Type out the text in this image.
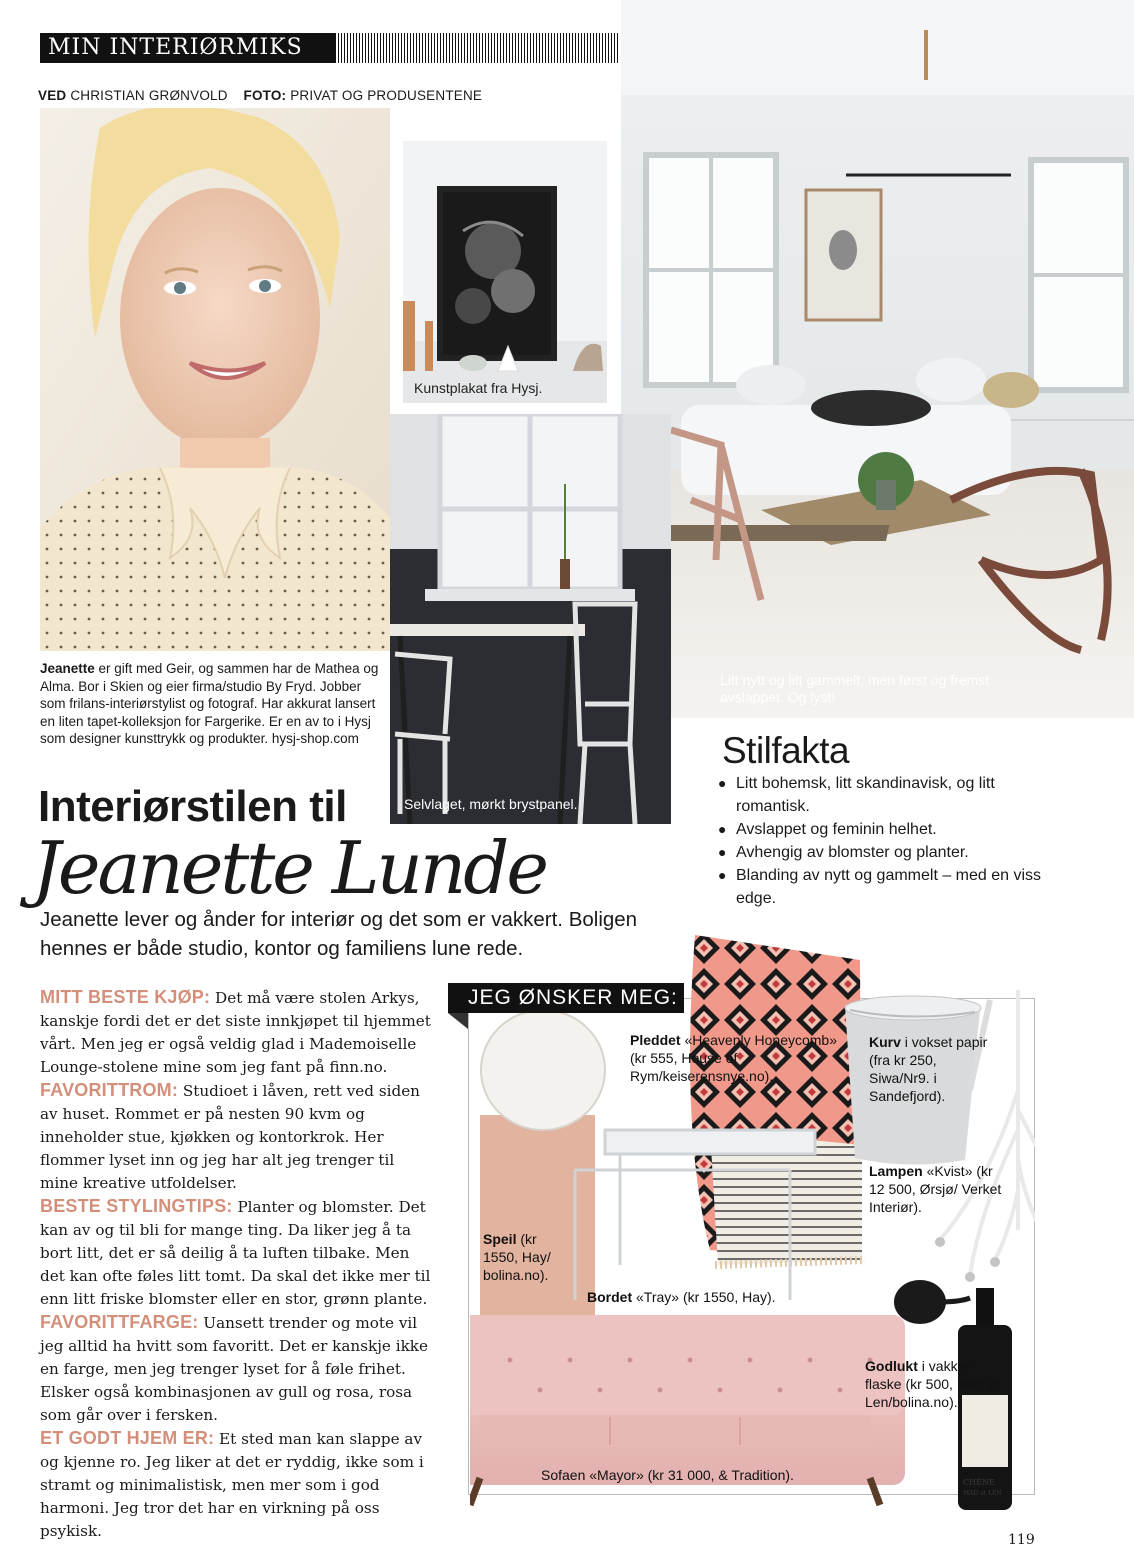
MIN INTERIØRMIKS
VED CHRISTIAN GRØNVOLD FOTO: PRIVAT OG PRODUSENTENE
Kunstplakat fra Hysj.
Litt nytt og litt gammelt, men først og fremst avslappet. Og lyst!
Selvlaget, mørkt brystpanel.
Jeanette er gift med Geir, og sammen har de Mathea og Alma. Bor i Skien og eier firma/studio By Fryd. Jobber som frilans-interiørstylist og fotograf. Har akkurat lansert en liten tapet-kolleksjon for Fargerike. Er en av to i Hysj som designer kunsttrykk og produkter. hysj-shop.com
Interiørstilen til
Jeanette Lunde
Jeanette lever og ånder for interiør og det som er vakkert. Boligen hennes er både studio, kontor og familiens lune rede.
Stilfakta
● Litt bohemsk, litt skandinavisk, og litt romantisk.
● Avslappet og feminin helhet.
● Avhengig av blomster og planter.
● Blanding av nytt og gammelt – med en viss edge.

MITT BESTE KJØP: Det må være stolen Arkys, kanskje fordi det er det siste innkjøpet til hjemmet vårt. Men jeg er også veldig glad i Mademoiselle Lounge-stolene mine som jeg fant på finn.no.

FAVORITTROM: Studioet i låven, rett ved siden av huset. Rommet er på nesten 90 kvm og inneholder stue, kjøkken og kontorkrok. Her flommer lyset inn og jeg har alt jeg trenger til mine kreative utfoldelser.

BESTE STYLINGTIPS: Planter og blomster. Det kan av og til bli for mange ting. Da liker jeg å ta bort litt, det er så deilig å ta luften tilbake. Men det kan ofte føles litt tomt. Da skal det ikke mer til enn litt friske blomster eller en stor, grønn plante.

FAVORITTFARGE: Uansett trender og mote vil jeg alltid ha hvitt som favoritt. Det er kanskje ikke en farge, men jeg trenger lyset for å føle frihet. Elsker også kombinasjonen av gull og rosa, rosa som går over i fersken.

ET GODT HJEM ER: Et sted man kan slappe av og kjenne ro. Jeg liker at det er ryddig, ikke som i stramt og minimalistisk, men mer som i god harmoni. Jeg tror det har en virkning på oss psykisk.

CHÊNE
MAD et LEN
JEG ØNSKER MEG:
Pleddet «Heavenly Honeycomb» (kr 555, House of Rym/keiserensnye.no).
Kurv i vokset papir (fra kr 250, Siwa/Nr9. i Sandefjord).
Lampen «Kvist» (kr 12 500, Ørsjø/ Verket Interiør).
Speil (kr 1550, Hay/ bolina.no).
Bordet «Tray» (kr 1550, Hay).
Godlukt i vakker flaske (kr 500, Mad et Len/bolina.no).
Sofaen «Mayor» (kr 31 000, & Tradition).
119
